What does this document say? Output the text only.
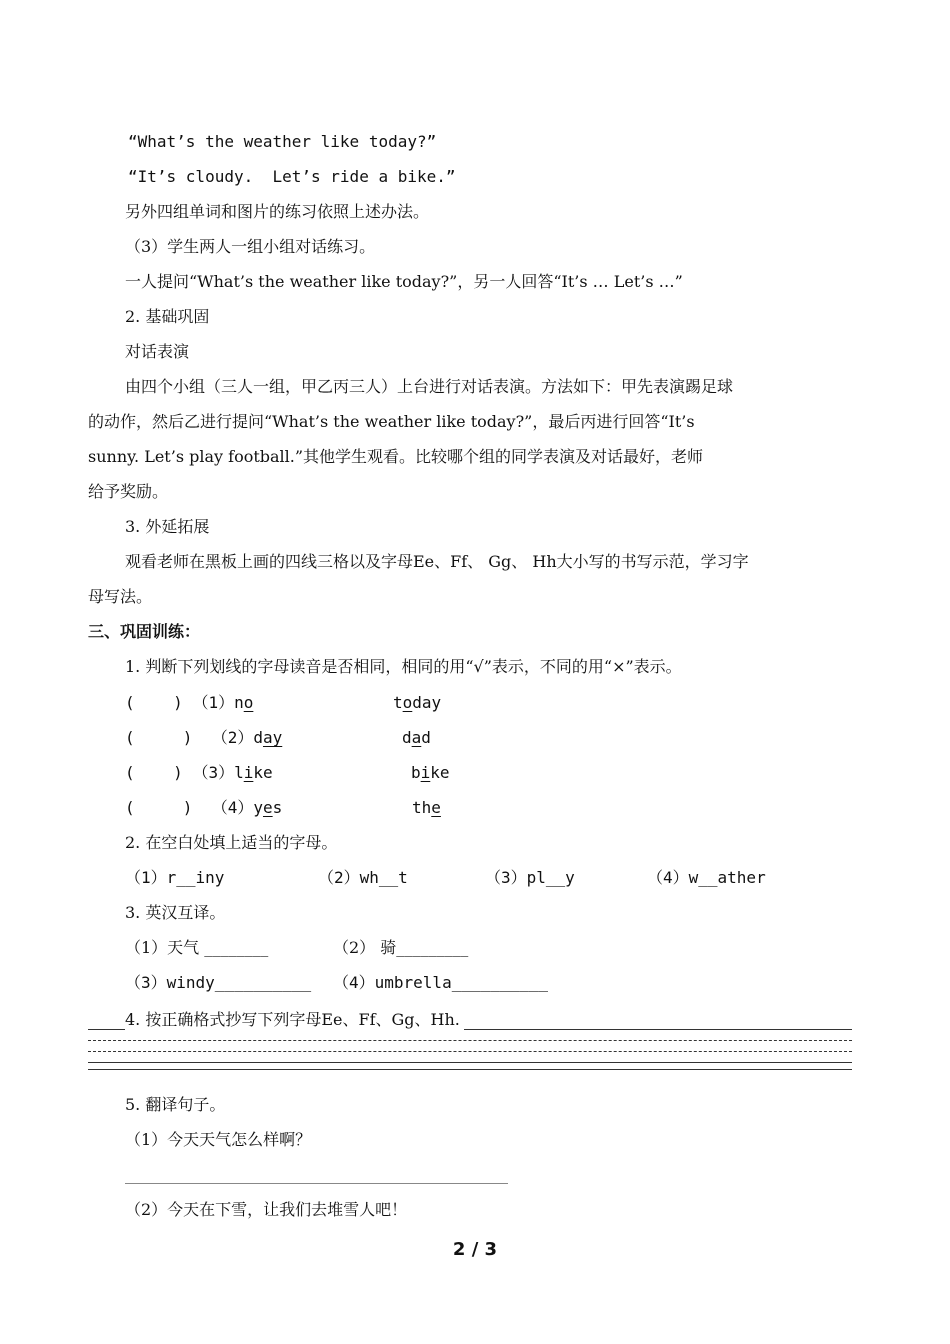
“What’s the weather like today?”
“It’s cloudy.  Let’s ride a bike.”
另外四组单词和图片的练习依照上述办法。
（3）学生两人一组小组对话练习。
一人提问“What’s the weather like today?”，另一人回答“It’s … Let’s …”
2. 基础巩固
对话表演
由四个小组（三人一组，甲乙丙三人）上台进行对话表演。方法如下：甲先表演踢足球
的动作，然后乙进行提问“What’s the weather like today?”，最后丙进行回答“It’s
sunny. Let’s play football.”其他学生观看。比较哪个组的同学表演及对话最好，老师
给予奖励。
3. 外延拓展
观看老师在黑板上画的四线三格以及字母Ee、Ff、 Gg、 Hh大小写的书写示范，学习字
母写法。
三、巩固训练：
1. 判断下列划线的字母读音是否相同，相同的用“√”表示，不同的用“×”表示。
(    ) （1）no	today
(     )  （2）day	dad
(    ) （3）like	bike
(     )  （4）yes	the
2. 在空白处填上适当的字母。
（1）r__iny	（2）wh__t	（3）pl__y	（4）w__ather
3. 英汉互译。
（1）天气 ________	（2） 骑_________
（3）windy__________ （4）umbrella__________
4. 按正确格式抄写下列字母Ee、Ff、Gg、Hh.
5. 翻译句子。
（1）今天天气怎么样啊？
（2）今天在下雪，让我们去堆雪人吧！
2 / 3
